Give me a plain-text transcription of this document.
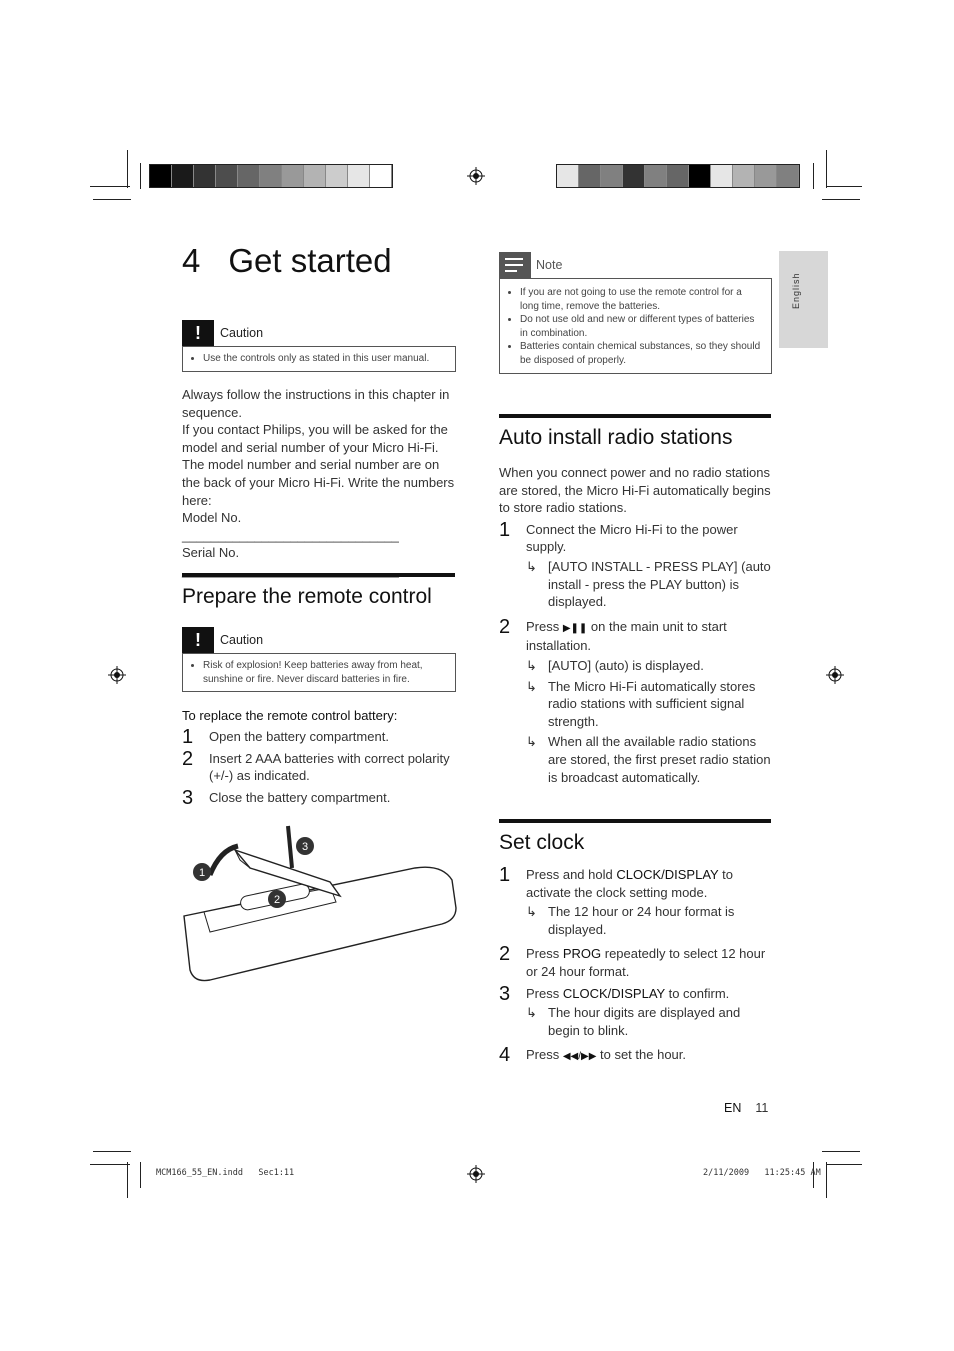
English
4 Get started
!	Caution
• Use the controls only as stated in this user manual.
Always follow the instructions in this chapter in sequence.
If you contact Philips, you will be asked for the model and serial number of your Micro Hi-Fi. The model number and serial number are on the back of your Micro Hi-Fi. Write the numbers here:
Model No. ______________________________
Serial No. ______________________________
Prepare the remote control
!	Caution
• Risk of explosion! Keep batteries away from heat, sunshine or fire. Never discard batteries in fire.
To replace the remote control battery:
1	Open the battery compartment.
2	Insert 2 AAA batteries with correct polarity (+/-) as indicated.
3	Close the battery compartment.
1
2
3
Note
• If you are not going to use the remote control for a long time, remove the batteries.
• Do not use old and new or different types of batteries in combination.
• Batteries contain chemical substances, so they should be disposed of properly.
Auto install radio stations
When you connect power and no radio stations are stored, the Micro Hi-Fi automatically begins to store radio stations.
1	Connect the Micro Hi-Fi to the power supply.
↳ [AUTO INSTALL - PRESS PLAY] (auto install - press the PLAY button) is displayed.
2	Press ▶❚❚ on the main unit to start installation.
↳ [AUTO] (auto) is displayed.
↳ The Micro Hi-Fi automatically stores radio stations with sufficient signal strength.
↳ When all the available radio stations are stored, the first preset radio station is broadcast automatically.
Set clock
1	Press and hold CLOCK/DISPLAY to activate the clock setting mode.
↳ The 12 hour or 24 hour format is displayed.
2	Press PROG repeatedly to select 12 hour or 24 hour format.
3	Press CLOCK/DISPLAY to confirm.
↳ The hour digits are displayed and begin to blink.
4	Press ◀◀/▶▶ to set the hour.
EN 11
MCM166_55_EN.indd   Sec1:11	2/11/2009   11:25:45 AM
